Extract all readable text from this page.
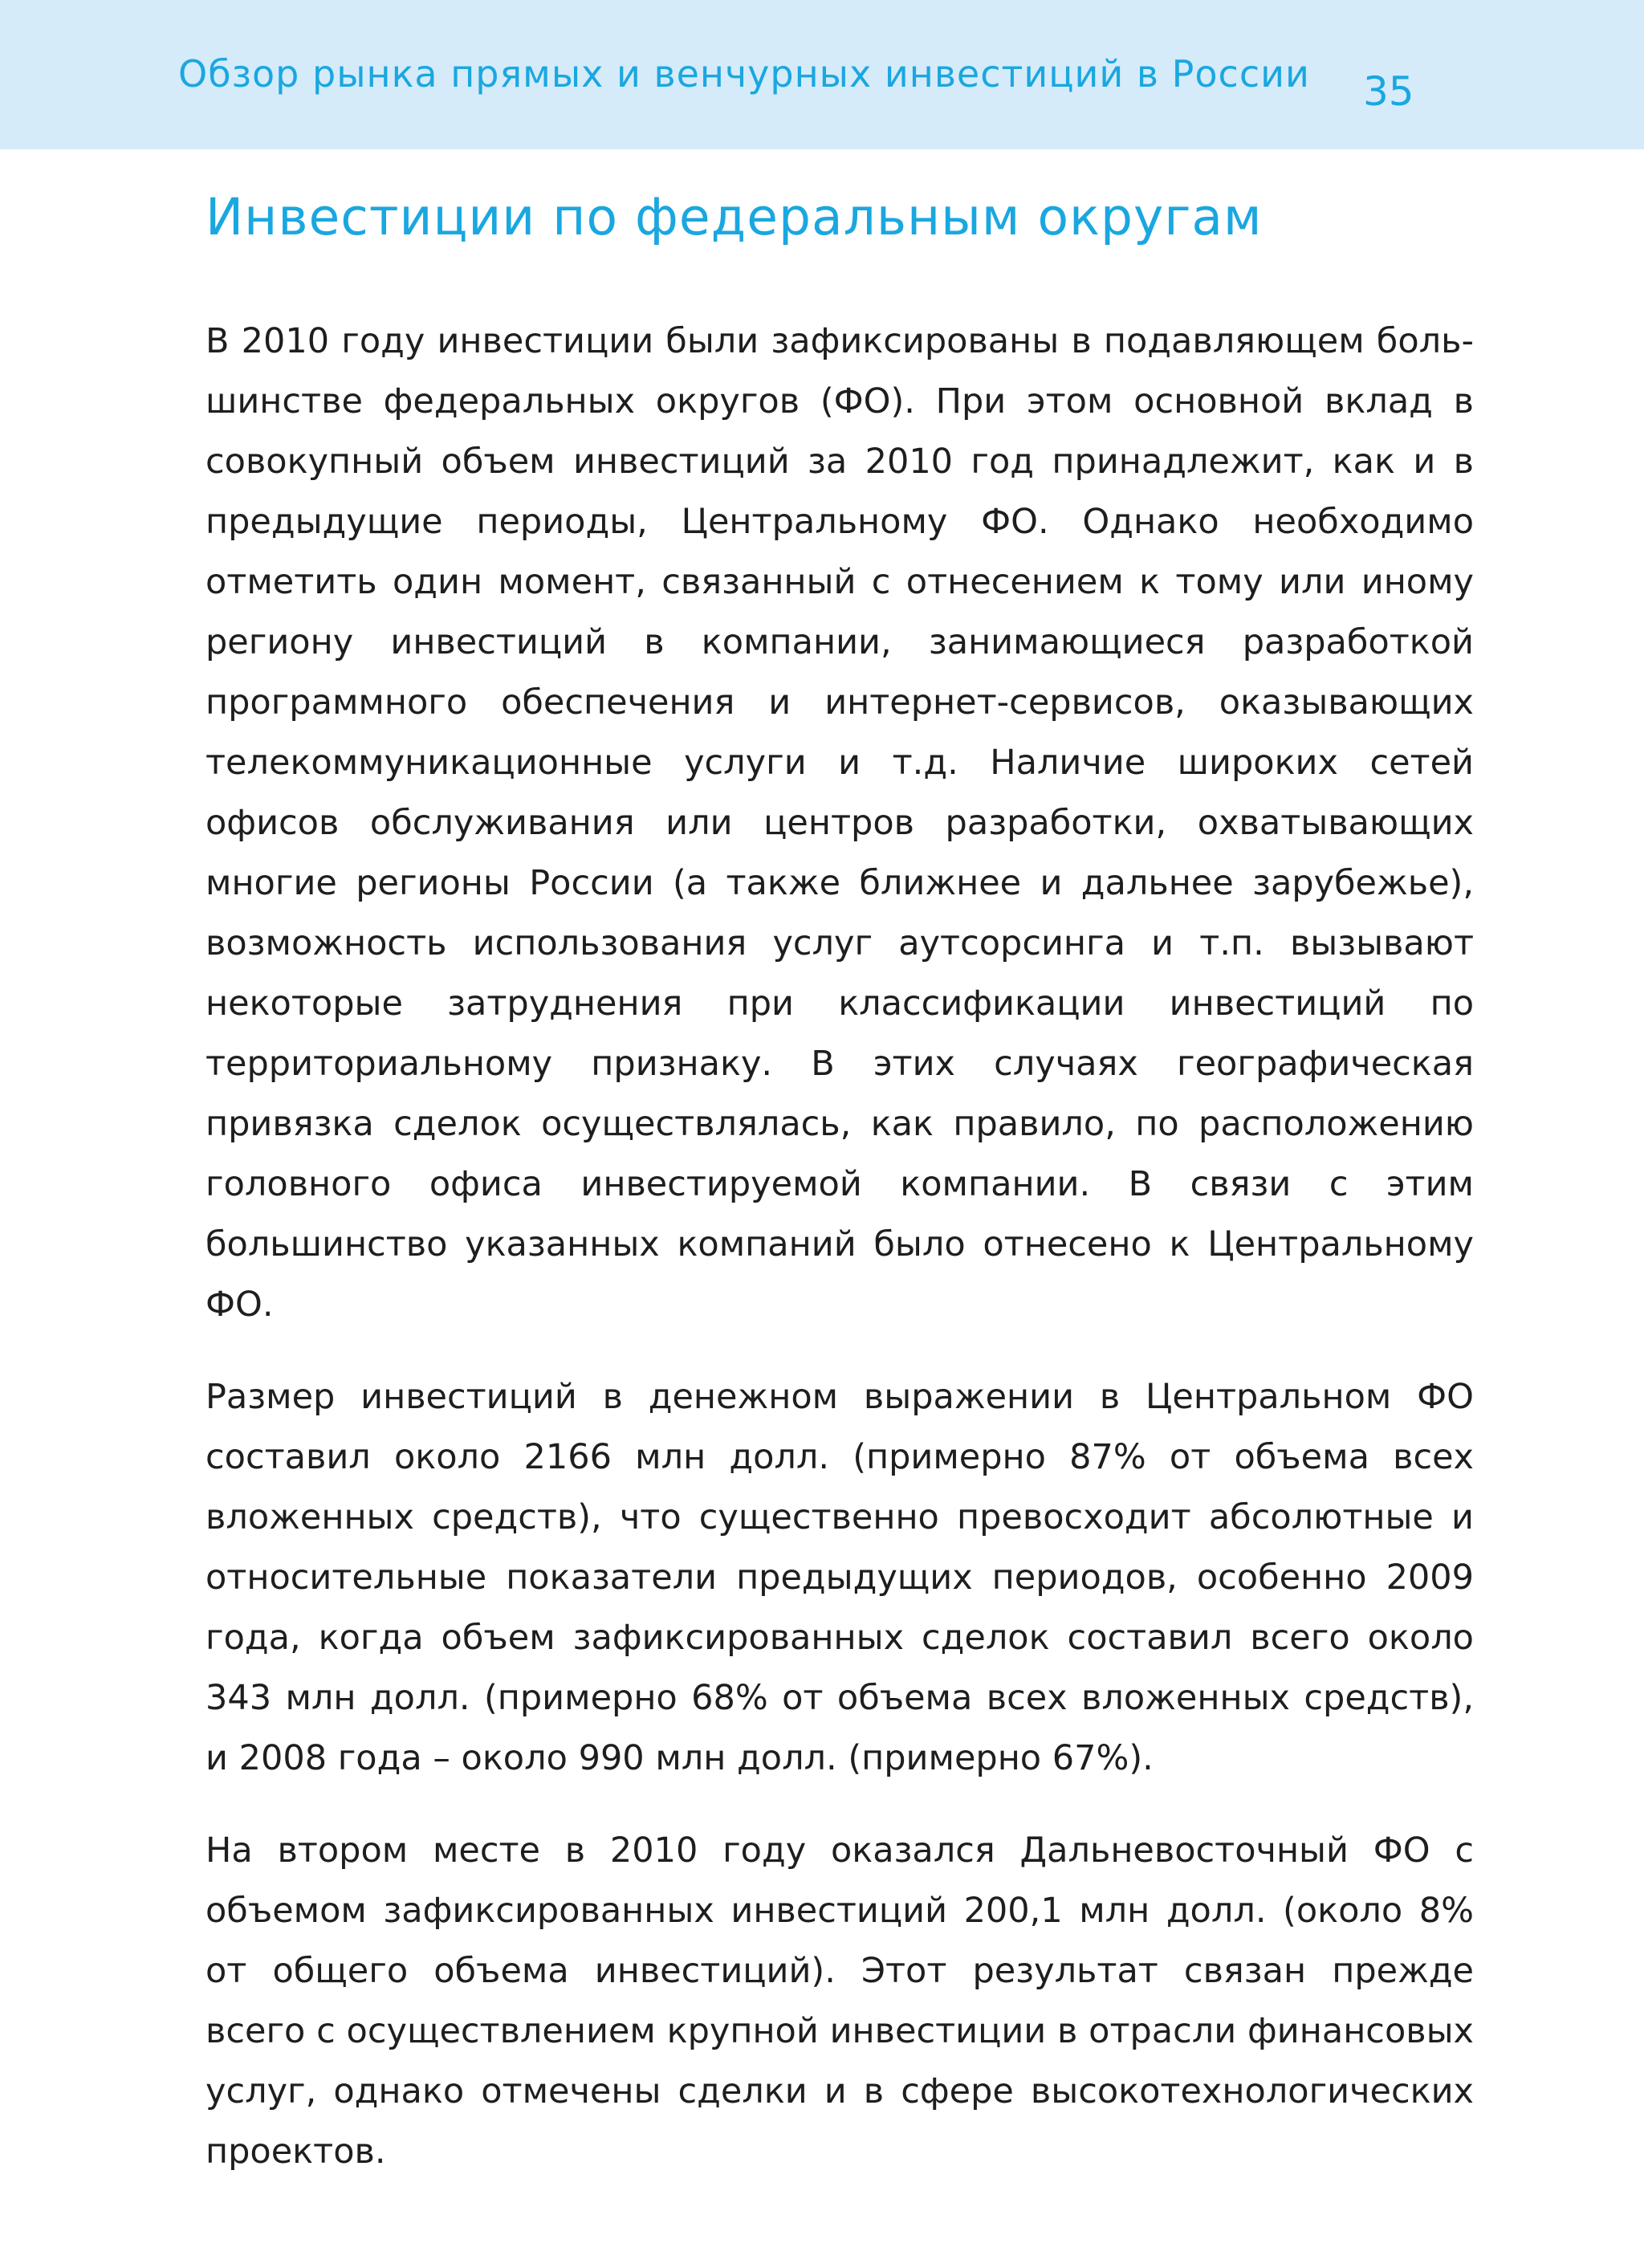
Обзор рынка прямых и венчурных инвестиций в России 35
Инвестиции по федеральным округам

В 2010 году инвестиции были зафиксированы в подавляющем большинстве федеральных округов (ФО). При этом основной вклад в совокупный объем инвестиций за 2010 год принадлежит, как и в предыдущие периоды, Центральному ФО. Однако необходимо отметить один момент, связанный с отнесением к тому или иному региону инвестиций в компании, занимающиеся разработкой программного обеспечения и интернет-сервисов, оказывающих телекоммуникационные услуги и т.д. Наличие широких сетей офисов обслуживания или центров разработки, охватывающих многие регионы России (а также ближнее и дальнее зарубежье), возможность использования услуг аутсорсинга и т.п. вызывают некоторые затруднения при классификации инвестиций по территориальному признаку. В этих случаях географическая привязка сделок осуществлялась, как правило, по расположению головного офиса инвестируемой компании. В связи с этим большинство указанных компаний было отнесено к Центральному ФО.

Размер инвестиций в денежном выражении в Центральном ФО составил около 2166 млн долл. (примерно 87% от объема всех вложенных средств), что существенно превосходит абсолютные и относительные показатели предыдущих периодов, особенно 2009 года, когда объем зафиксированных сделок составил всего около 343 млн долл. (примерно 68% от объема всех вложенных средств), и 2008 года – около 990 млн долл. (примерно 67%).

На втором месте в 2010 году оказался Дальневосточный ФО с объемом зафиксированных инвестиций 200,1 млн долл. (около 8% от общего объема инвестиций). Этот результат связан прежде всего с осуществлением крупной инвестиции в отрасли финансовых услуг, однако отмечены сделки и в сфере высокотехнологических проектов.
